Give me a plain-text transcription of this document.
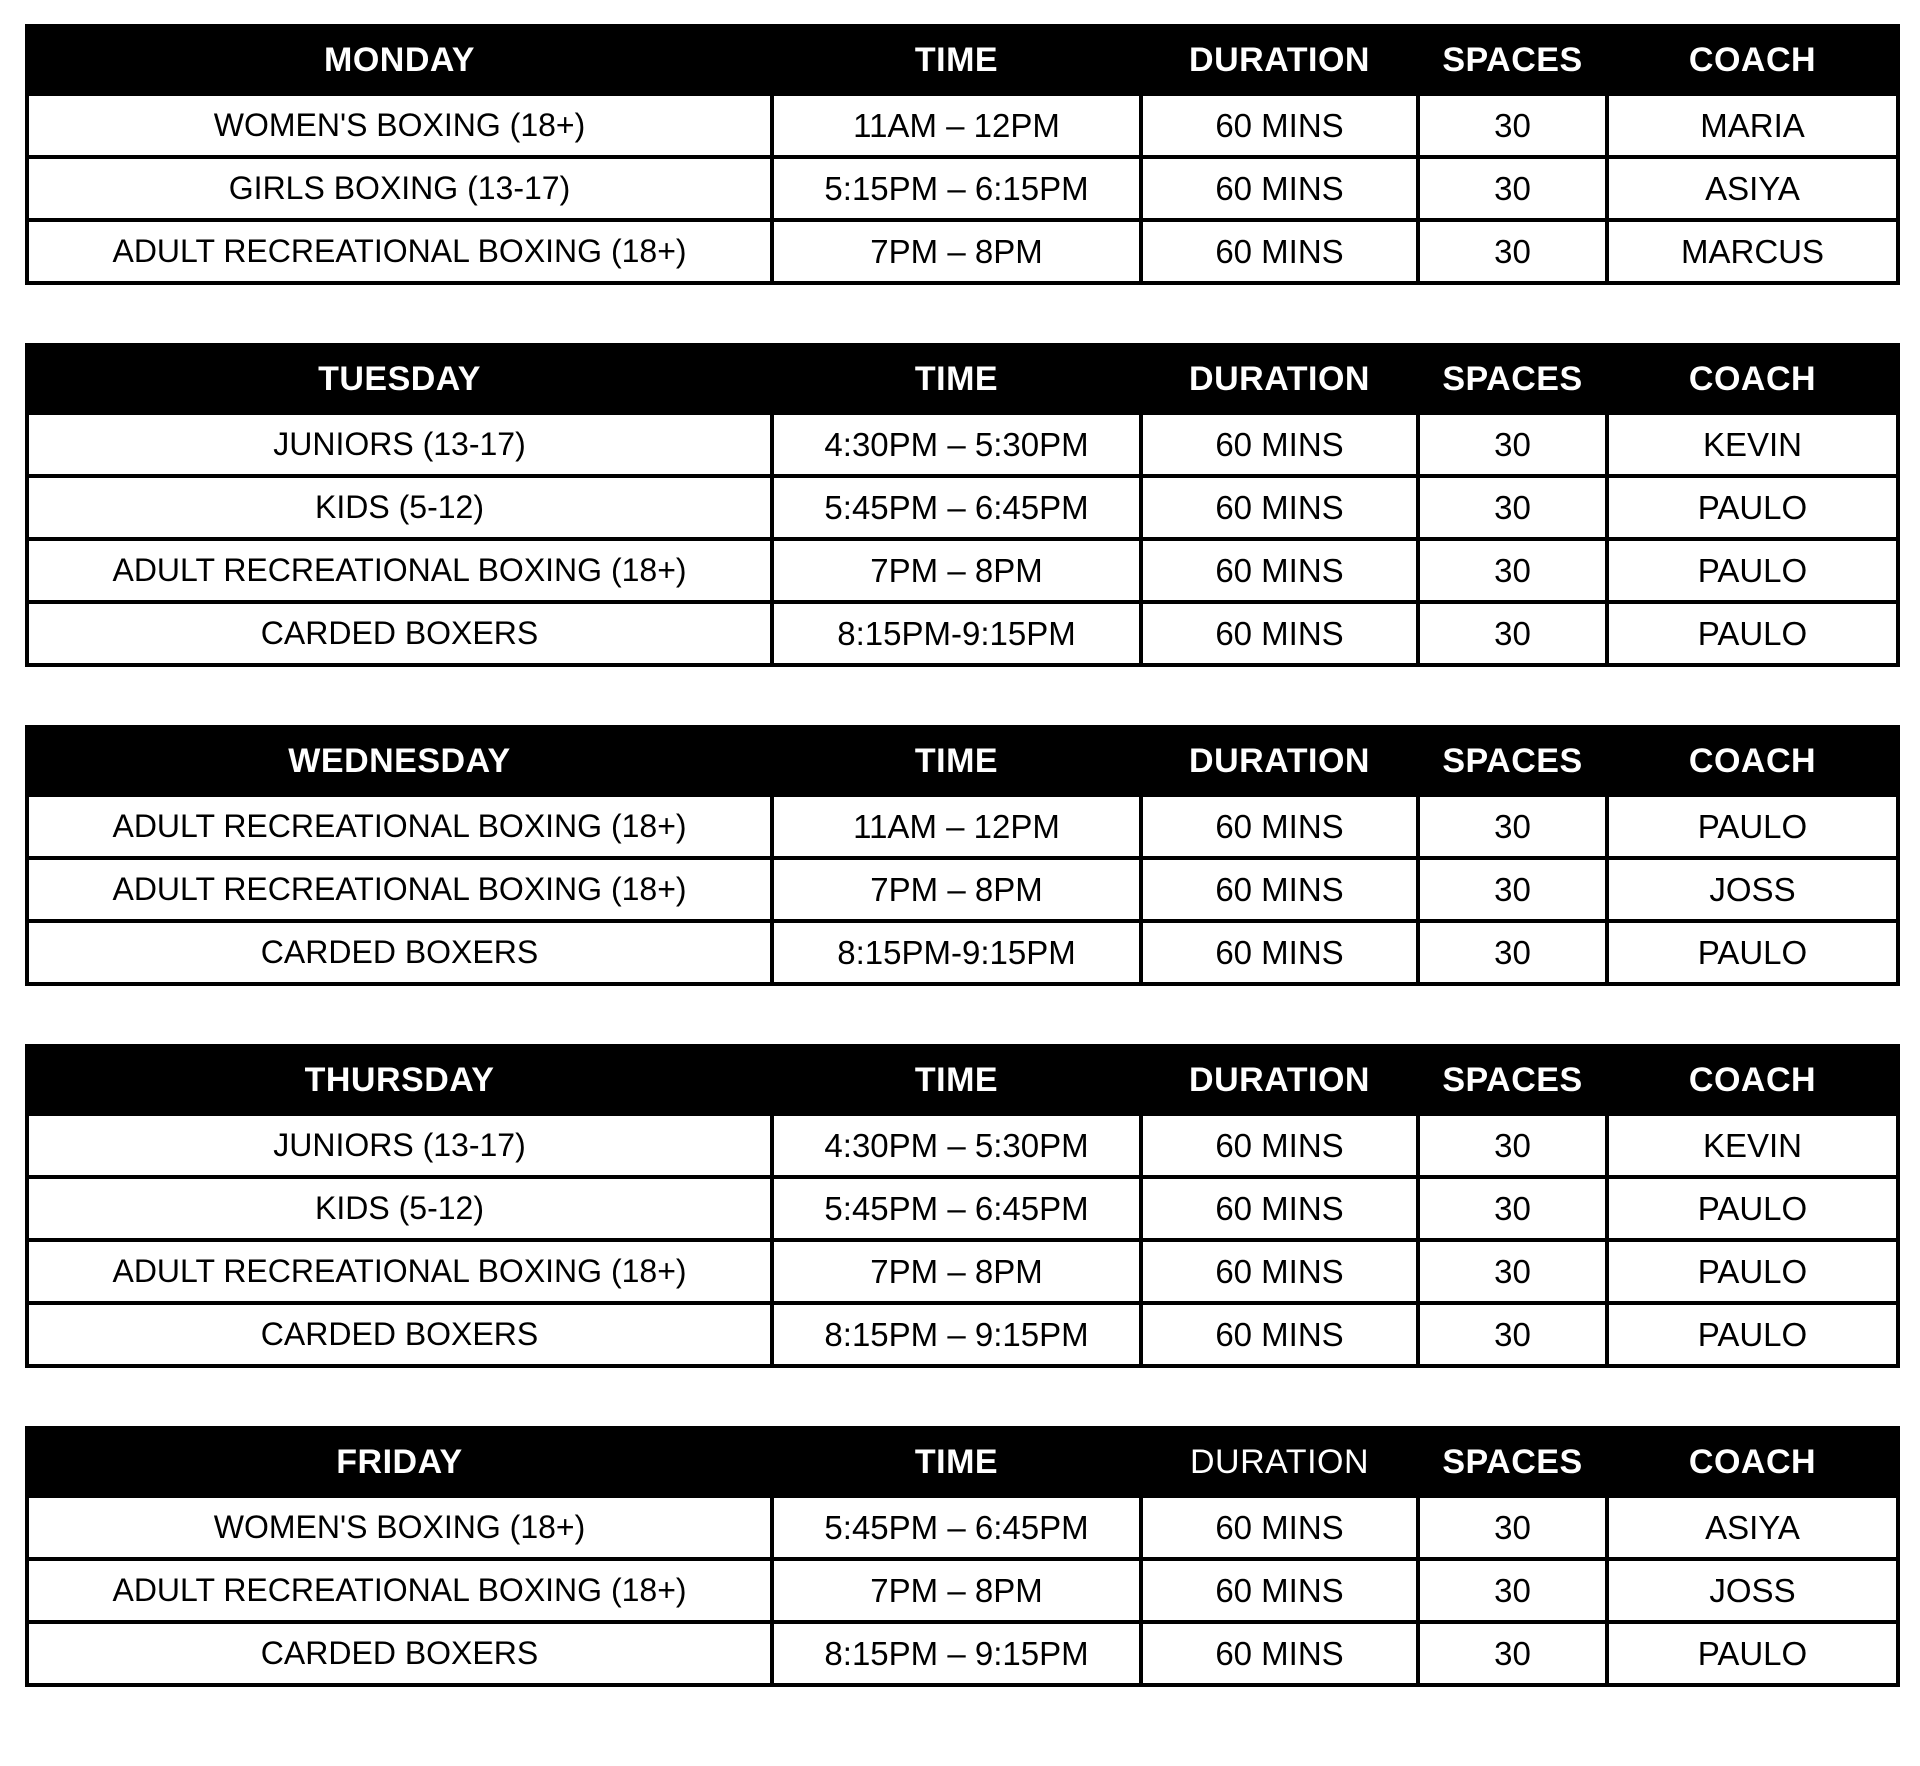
MONDAY	TIME	DURATION	SPACES	COACH
WOMEN'S BOXING (18+)	11AM – 12PM	60 MINS	30	MARIA
GIRLS BOXING (13-17)	5:15PM – 6:15PM	60 MINS	30	ASIYA
ADULT RECREATIONAL BOXING (18+)	7PM – 8PM	60 MINS	30	MARCUS
TUESDAY	TIME	DURATION	SPACES	COACH
JUNIORS (13-17)	4:30PM – 5:30PM	60 MINS	30	KEVIN
KIDS (5-12)	5:45PM – 6:45PM	60 MINS	30	PAULO
ADULT RECREATIONAL BOXING (18+)	7PM – 8PM	60 MINS	30	PAULO
CARDED BOXERS	8:15PM-9:15PM	60 MINS	30	PAULO
WEDNESDAY	TIME	DURATION	SPACES	COACH
ADULT RECREATIONAL BOXING (18+)	11AM – 12PM	60 MINS	30	PAULO
ADULT RECREATIONAL BOXING (18+)	7PM – 8PM	60 MINS	30	JOSS
CARDED BOXERS	8:15PM-9:15PM	60 MINS	30	PAULO
THURSDAY	TIME	DURATION	SPACES	COACH
JUNIORS (13-17)	4:30PM – 5:30PM	60 MINS	30	KEVIN
KIDS (5-12)	5:45PM – 6:45PM	60 MINS	30	PAULO
ADULT RECREATIONAL BOXING (18+)	7PM – 8PM	60 MINS	30	PAULO
CARDED BOXERS	8:15PM – 9:15PM	60 MINS	30	PAULO
FRIDAY	TIME	DURATION	SPACES	COACH
WOMEN'S BOXING (18+)	5:45PM – 6:45PM	60 MINS	30	ASIYA
ADULT RECREATIONAL BOXING (18+)	7PM – 8PM	60 MINS	30	JOSS
CARDED BOXERS	8:15PM – 9:15PM	60 MINS	30	PAULO
